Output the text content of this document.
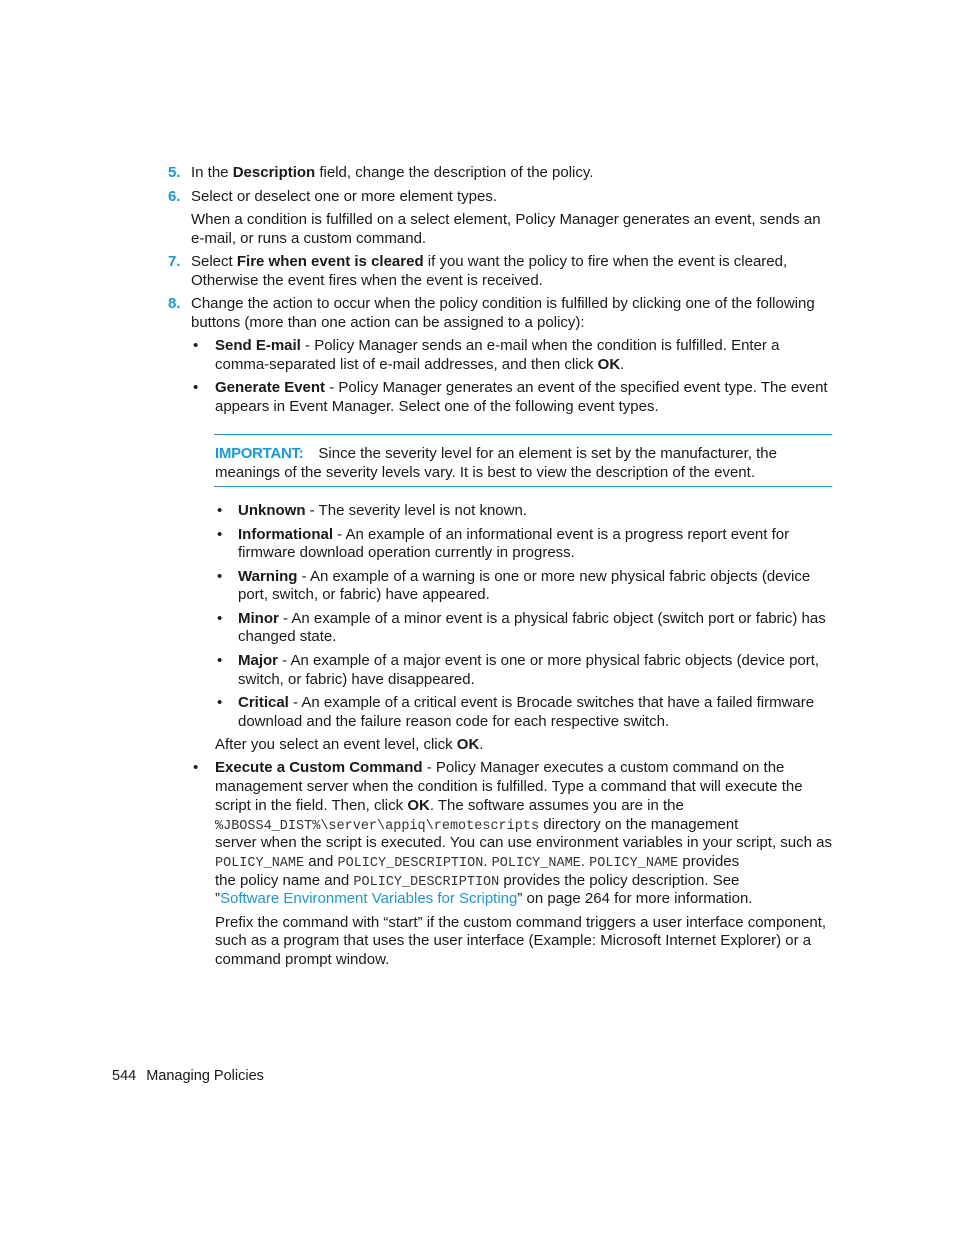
5. In the Description field, change the description of the policy.
6. Select or deselect one or more element types.
When a condition is fulfilled on a select element, Policy Manager generates an event, sends an
e-mail, or runs a custom command.
7. Select Fire when event is cleared if you want the policy to fire when the event is cleared,
Otherwise the event fires when the event is received.
8. Change the action to occur when the policy condition is fulfilled by clicking one of the following
buttons (more than one action can be assigned to a policy):
• Send E-mail - Policy Manager sends an e-mail when the condition is fulfilled. Enter a
comma-separated list of e-mail addresses, and then click OK.
• Generate Event - Policy Manager generates an event of the specified event type. The event
appears in Event Manager. Select one of the following event types.
IMPORTANT: Since the severity level for an element is set by the manufacturer, the
meanings of the severity levels vary. It is best to view the description of the event.
• Unknown - The severity level is not known.
• Informational - An example of an informational event is a progress report event for
firmware download operation currently in progress.
• Warning - An example of a warning is one or more new physical fabric objects (device
port, switch, or fabric) have appeared.
• Minor - An example of a minor event is a physical fabric object (switch port or fabric) has
changed state.
• Major - An example of a major event is one or more physical fabric objects (device port,
switch, or fabric) have disappeared.
• Critical - An example of a critical event is Brocade switches that have a failed firmware
download and the failure reason code for each respective switch.
After you select an event level, click OK.
• Execute a Custom Command - Policy Manager executes a custom command on the
management server when the condition is fulfilled. Type a command that will execute the
script in the field. Then, click OK. The software assumes you are in the
%JBOSS4_DIST%\server\appiq\remotescripts directory on the management
server when the script is executed. You can use environment variables in your script, such as
POLICY_NAME and POLICY_DESCRIPTION. POLICY_NAME. POLICY_NAME provides
the policy name and POLICY_DESCRIPTION provides the policy description. See
”Software Environment Variables for Scripting” on page 264 for more information.
Prefix the command with “start” if the custom command triggers a user interface component,
such as a program that uses the user interface (Example: Microsoft Internet Explorer) or a
command prompt window.
544 Managing Policies
